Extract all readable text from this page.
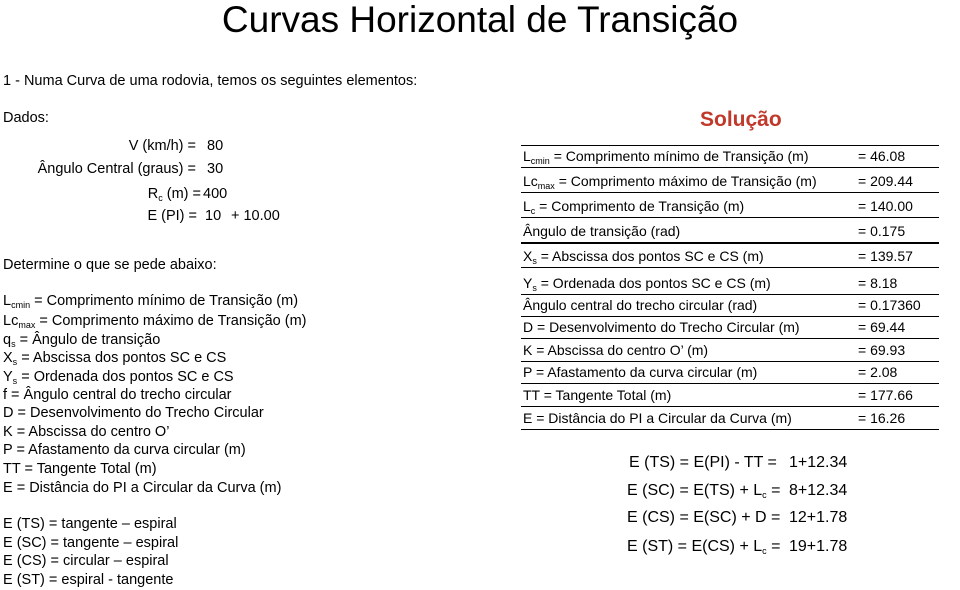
Curvas Horizontal de Transição
1 - Numa Curva de uma rodovia, temos os seguintes elementos:
Dados:
V (km/h) = 80
Ângulo Central (graus) = 30
$R_c$ (m) = 400
E (PI) = 10 + 10.00
Determine o que se pede abaixo:
$L_{cmin}$ = Comprimento mínimo de Transição (m)
$Lc_{max}$ = Comprimento máximo de Transição (m)
$q_s$ = Ângulo de transição
$X_s$ = Abscissa dos pontos SC e CS
$Y_s$ = Ordenada dos pontos SC e CS
f = Ângulo central do trecho circular
D = Desenvolvimento do Trecho Circular
K = Abscissa do centro O’
P = Afastamento da curva circular (m)
TT = Tangente Total (m)
E = Distância do PI a Circular da Curva (m)
E (TS) = tangente – espiral
E (SC) = tangente – espiral
E (CS) = circular – espiral
E (ST) = espiral - tangente
Solução
$L_{cmin}$ = Comprimento mínimo de Transição (m)	= 46.08
$Lc_{max}$ = Comprimento máximo de Transição (m)	= 209.44
$L_c$ = Comprimento de Transição (m)	= 140.00
Ângulo de transição (rad)	= 0.175
$X_s$ = Abscissa dos pontos SC e CS (m)	= 139.57
$Y_s$ = Ordenada dos pontos SC e CS (m)	= 8.18
Ângulo central do trecho circular (rad)	= 0.17360
D = Desenvolvimento do Trecho Circular (m)	= 69.44
K = Abscissa do centro O’ (m)	= 69.93
P = Afastamento da curva circular (m)	= 2.08
TT = Tangente Total (m)	= 177.66
E = Distância do PI a Circular da Curva (m)	= 16.26
E (TS) = E(PI) - TT = 1+12.34
E $(SC) = E(TS) + L_c = 8+12.34$
E (CS) = E(SC) + D = 12+1.78
E $(ST) = E(CS) + L_c = 19+1.78$
